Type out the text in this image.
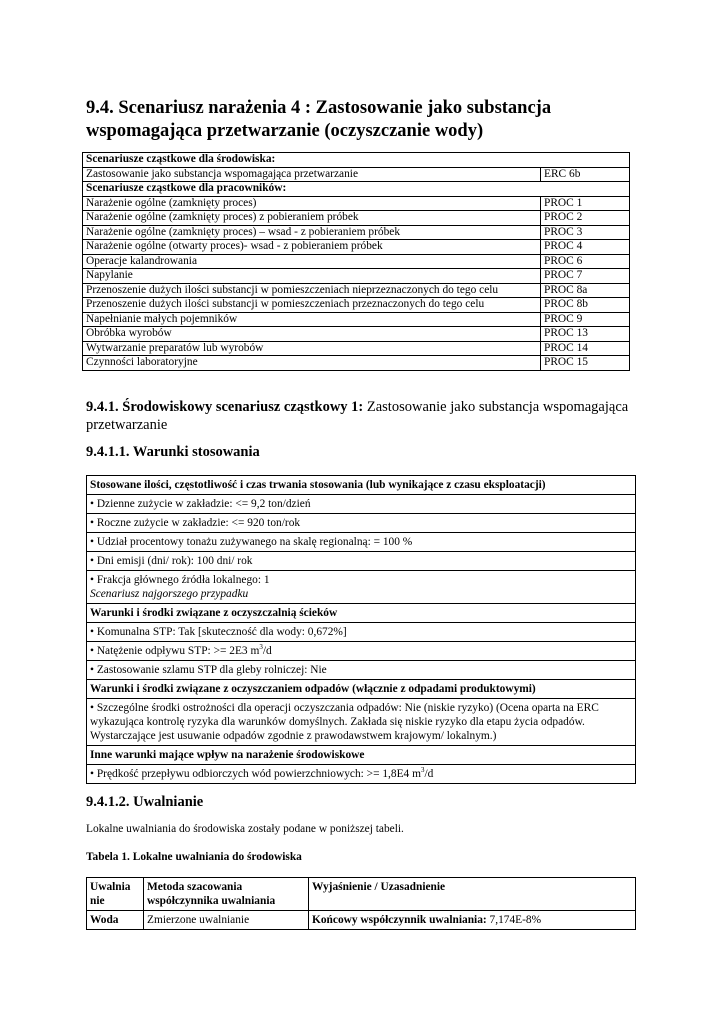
9.4. Scenariusz narażenia 4 : Zastosowanie jako substancja
wspomagająca przetwarzanie (oczyszczanie wody)
Scenariusze cząstkowe dla środowiska:	
Zastosowanie jako substancja wspomagająca przetwarzanie	ERC 6b
Scenariusze cząstkowe dla pracowników:	
Narażenie ogólne (zamknięty proces)	PROC 1
Narażenie ogólne (zamknięty proces) z pobieraniem próbek	PROC 2
Narażenie ogólne (zamknięty proces) – wsad - z pobieraniem próbek	PROC 3
Narażenie ogólne (otwarty proces)- wsad - z pobieraniem próbek	PROC 4
Operacje kalandrowania	PROC 6
Napylanie	PROC 7
Przenoszenie dużych ilości substancji w pomieszczeniach nieprzeznaczonych do tego celu	PROC 8a
Przenoszenie dużych ilości substancji w pomieszczeniach przeznaczonych do tego celu	PROC 8b
Napełnianie małych pojemników	PROC 9
Obróbka wyrobów	PROC 13
Wytwarzanie preparatów lub wyrobów	PROC 14
Czynności laboratoryjne	PROC 15

9.4.1. Środowiskowy scenariusz cząstkowy 1: Zastosowanie jako substancja wspomagająca przetwarzanie

9.4.1.1. Warunki stosowania

Stosowane ilości, częstotliwość i czas trwania stosowania (lub wynikające z czasu eksploatacji)
• Dzienne zużycie w zakładzie: <= 9,2 ton/dzień
• Roczne zużycie w zakładzie: <= 920 ton/rok
• Udział procentowy tonażu zużywanego na skalę regionalną: = 100 %
• Dni emisji (dni/ rok): 100 dni/ rok
• Frakcja głównego źródła lokalnego: 1
Scenariusz najgorszego przypadku
Warunki i środki związane z oczyszczalnią ścieków
• Komunalna STP: Tak [skuteczność dla wody: 0,672%]
• Natężenie odpływu STP: >= 2E3 $m^3/d$
• Zastosowanie szlamu STP dla gleby rolniczej: Nie
Warunki i środki związane z oczyszczaniem odpadów (włącznie z odpadami produktowymi)
• Szczególne środki ostrożności dla operacji oczyszczania odpadów: Nie (niskie ryzyko) (Ocena oparta na ERC
wykazująca kontrolę ryzyka dla warunków domyślnych. Zakłada się niskie ryzyko dla etapu życia odpadów.
Wystarczające jest usuwanie odpadów zgodnie z prawodawstwem krajowym/ lokalnym.)
Inne warunki mające wpływ na narażenie środowiskowe
• Prędkość przepływu odbiorczych wód powierzchniowych: >= 1,8E4 $m^3/d$

9.4.1.2. Uwalnianie

Lokalne uwalniania do środowiska zostały podane w poniższej tabeli.

Tabela 1. Lokalne uwalniania do środowiska

Uwalnia
nie	Metoda szacowania
współczynnika uwalniania	Wyjaśnienie / Uzasadnienie
Woda	Zmierzone uwalnianie	Końcowy współczynnik uwalniania: 7,174E-8%
